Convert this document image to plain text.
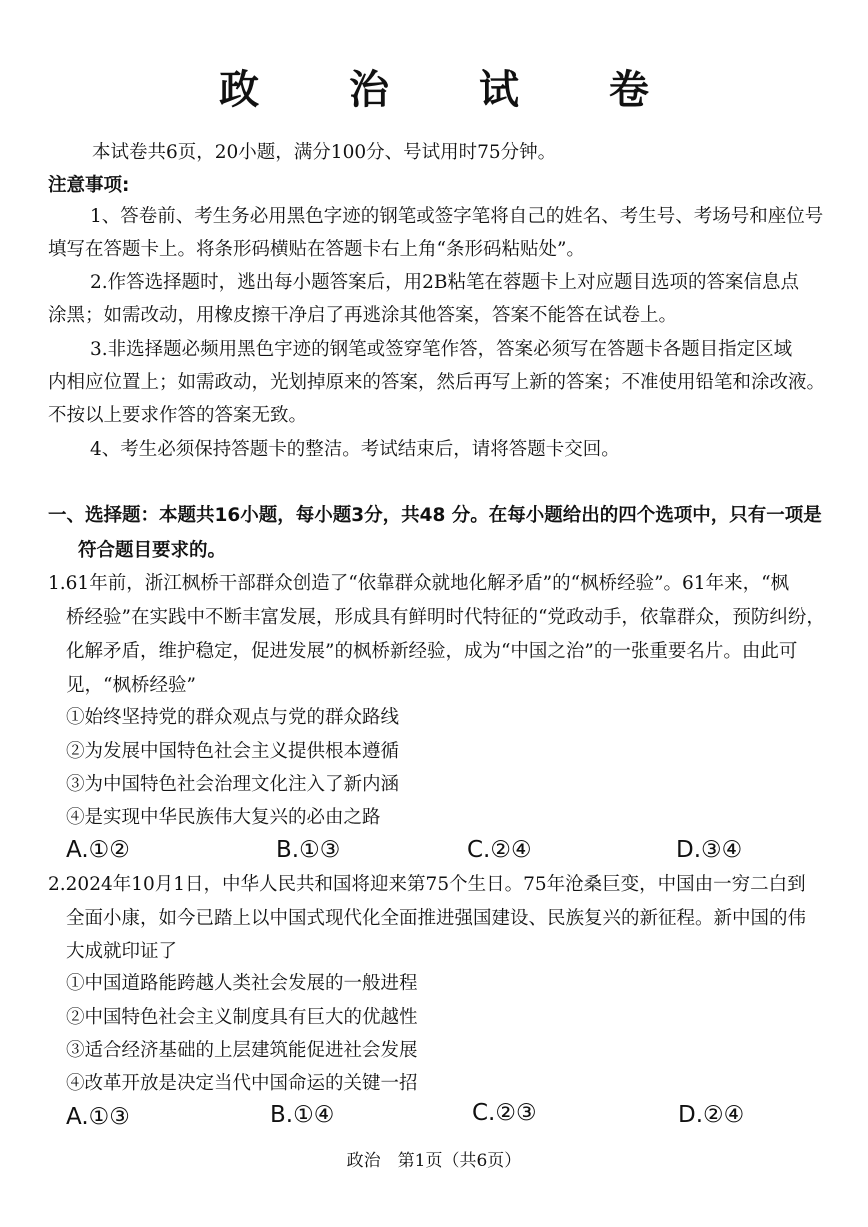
政 治 试 卷
本试卷共6页，20小题，满分100分、号试用时75分钟。
注意事项:
1、答卷前、考生务必用黑色字迹的钢笔或签字笔将自己的姓名、考生号、考场号和座位号
填写在答题卡上。将条形码横贴在答题卡右上角“条形码粘贴处”。
2.作答选择题时，逃出每小题答案后，用2B粘笔在蓉题卡上对应题目选项的答案信息点
涂黑；如需改动，用橡皮擦干净启了再逃涂其他答案，答案不能答在试卷上。
3.非选择题必频用黑色宇迹的钢笔或签穿笔作答，答案必须写在答题卡各题目指定区域
内相应位置上；如需政动，光划掉原来的答案，然后再写上新的答案；不准使用铅笔和涂改液。
不按以上要求作答的答案无致。
4、考生必须保持答题卡的整洁。考试结束后，请将答题卡交回。
一、选择题：本题共16小题，每小题3分，共48 分。在每小题给出的四个选项中，只有一项是
符合题目要求的。
1.61年前，浙江枫桥干部群众创造了“依靠群众就地化解矛盾”的“枫桥经验”。61年来，“枫
桥经验”在实践中不断丰富发展，形成具有鲜明时代特征的“党政动手，依靠群众，预防纠纷，
化解矛盾，维护稳定，促进发展”的枫桥新经验，成为“中国之治”的一张重要名片。由此可
见，“枫桥经验”
①始终坚持党的群众观点与党的群众路线
②为发展中国特色社会主义提供根本遵循
③为中国特色社会治理文化注入了新内涵
④是实现中华民族伟大复兴的必由之路
A.①②	B.①③	C.②④	D.③④
2.2024年10月1日，中华人民共和国将迎来第75个生日。75年沧桑巨变，中国由一穷二白到
全面小康，如今已踏上以中国式现代化全面推进强国建设、民族复兴的新征程。新中国的伟
大成就印证了
①中国道路能跨越人类社会发展的一般进程
②中国特色社会主义制度具有巨大的优越性
③适合经济基础的上层建筑能促进社会发展
④改革开放是决定当代中国命运的关键一招
A.①③	B.①④	C.②③	D.②④
政治　第1页（共6页）
